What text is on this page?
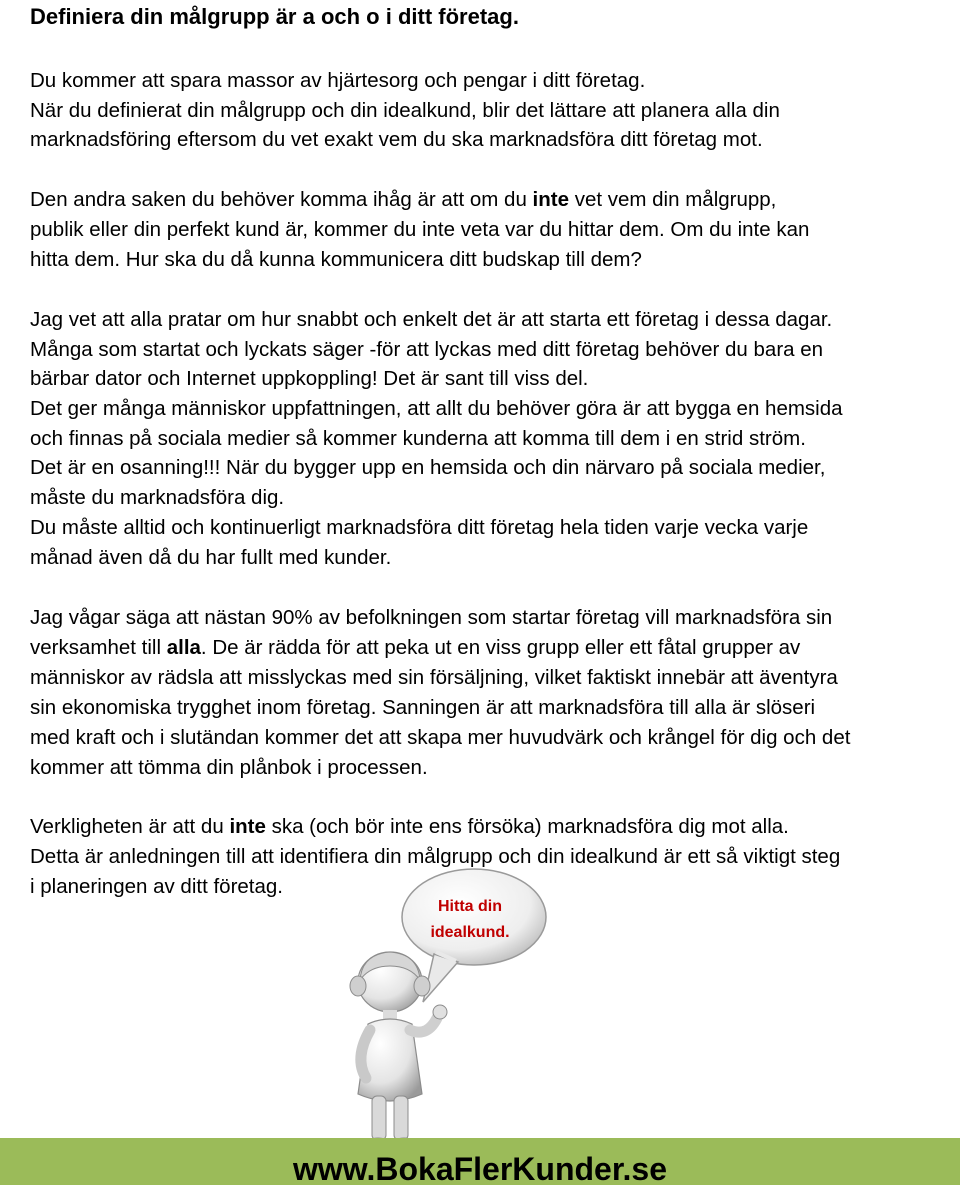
Definiera din målgrupp är a och o i ditt företag.
Du kommer att spara massor av hjärtesorg och pengar i ditt företag.
När du definierat din målgrupp och din idealkund, blir det lättare att planera alla din
marknadsföring eftersom du vet exakt vem du ska marknadsföra ditt företag mot.
Den andra saken du behöver komma ihåg är att om du inte vet vem din målgrupp,
publik eller din perfekt kund är, kommer du inte veta var du hittar dem. Om du inte kan
hitta dem. Hur ska du då kunna kommunicera ditt budskap till dem?
Jag vet att alla pratar om hur snabbt och enkelt det är att starta ett företag i dessa dagar.
Många som startat och lyckats säger -för att lyckas med ditt företag behöver du bara en
bärbar dator och Internet uppkoppling! Det är sant till viss del.
Det ger många människor uppfattningen, att allt du behöver göra är att bygga en hemsida
och finnas på sociala medier så kommer kunderna att komma till dem i en strid ström.
Det är en osanning!!! När du bygger upp en hemsida och din närvaro på sociala medier,
måste du marknadsföra dig.
Du måste alltid och kontinuerligt marknadsföra ditt företag hela tiden varje vecka varje
månad även då du har fullt med kunder.
Jag vågar säga att nästan 90% av befolkningen som startar företag vill marknadsföra sin
verksamhet till alla. De är rädda för att peka ut en viss grupp eller ett fåtal grupper av
människor av rädsla att misslyckas med sin försäljning, vilket faktiskt innebär att äventyra
sin ekonomiska trygghet inom företag. Sanningen är att marknadsföra till alla är slöseri
med kraft och i slutändan kommer det att skapa mer huvudvärk och krångel för dig och det
kommer att tömma din plånbok i processen.
Verkligheten är att du inte ska (och bör inte ens försöka) marknadsföra dig mot alla.
Detta är anledningen till att identifiera din målgrupp och din idealkund är ett så viktigt steg
i planeringen av ditt företag.
Hitta din
idealkund.
www.BokaFlerKunder.se
